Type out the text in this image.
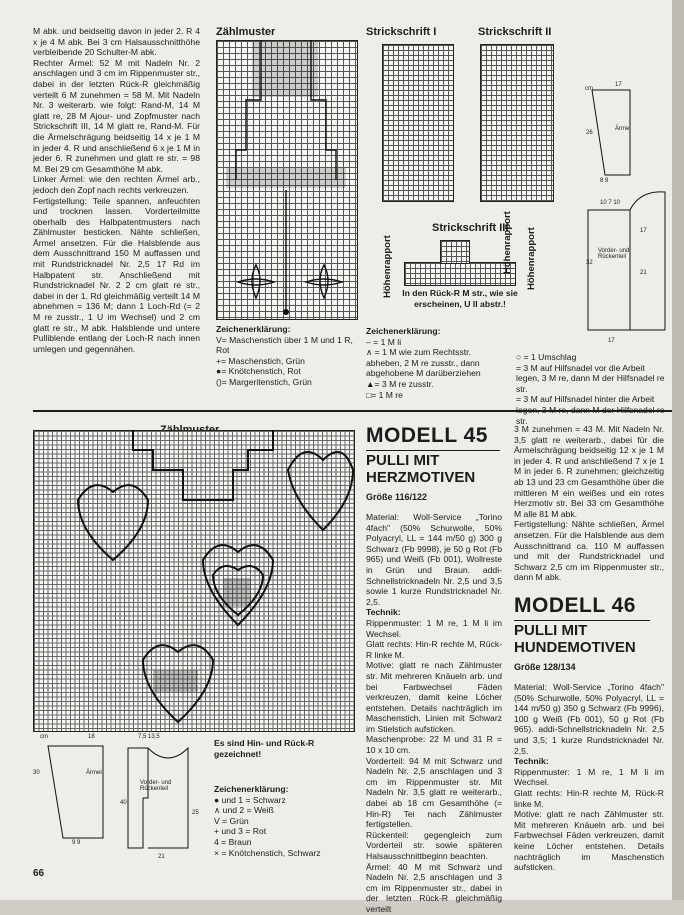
M abk. und beidseitig davon in jeder 2. R 4 x je 4 M abk. Bei 3 cm Halsausschnitthöhe verbleibende 20 Schulter-M abk.

Rechter Ärmel: 52 M mit Nadeln Nr. 2 anschlagen und 3 cm im Rippenmuster str., dabei in der letzten Rück-R gleichmäßig verteilt 6 M zunehmen = 58 M. Mit Nadeln Nr. 3 weiterarb. wie folgt: Rand-M, 14 M glatt re, 28 M Ajour- und Zopfmuster nach Strickschrift III, 14 M glatt re, Rand-M. Für die Ärmelschrägung beidseitig 14 x je 1 M in jeder 4. R und anschließend 6 x je 1 M in jeder 6. R zunehmen und glatt re str. = 98 M. Bei 29 cm Gesamthöhe M abk.

Linker Ärmel: wie den rechten Ärmel arb., jedoch den Zopf nach rechts verkreuzen.

Fertigstellung: Teile spannen, anfeuchten und trocknen lassen. Vorderteilmitte oberhalb des Halbpatentmusters nach Zählmuster besticken. Nähte schließen, Ärmel ansetzen. Für die Halsblende aus dem Ausschnittrand 150 M auffassen und mit Rundstricknadel Nr. 2,5 17 Rd im Halbpatent str. Anschließend mit Rundstricknadel Nr. 2 2 cm glatt re str., dabei in der 1. Rd gleichmäßig verteilt 14 M abnehmen = 136 M; dann 1 Loch-Rd (= 2 M re zusstr., 1 U im Wechsel) und 2 cm glatt re str., M abk. Halsblende und untere Pulliblende entlang der Loch-R nach innen umlegen und gegennähen.

Zählmuster
Zeichenerklärung:
V= Maschenstich über 1 M und 1 R, Rot
+= Maschenstich, Grün
●= Knötchenstich, Rot
()= Margeritenstich, Grün
Strickschrift I	Strickschrift II
Strickschrift III
Höhenrapport	Höhenrapport Höhenrapport
In den Rück-R M str., wie sie erscheinen, U ll abstr.!
Zeichenerklärung:
– = 1 M li
∧ = 1 M wie zum Rechtsstr. abheben, 2 M re zusstr., dann abgehobene M darüberziehen
▲= 3 M re zusstr.
□= 1 M re
cm
17
26
Ärmel
8 9
10 7 10
Vorder- und Rückenteil
17
32
21
17
○ = 1 Umschlag
= 3 M auf Hilfsnadel vor die Arbeit legen, 3 M re, dann M der Hilfsnadel re str.
= 3 M auf Hilfsnadel hinter die Arbeit str.
cm	18
30	Ärmel
9 9
7,5 13,5
Vorder- und Rückenteil
40
25
21
Es sind Hin- und Rück-R gezeichnet!
Zeichenerklärung:
● und 1 = Schwarz
∧ und 2 = Weiß
V = Grün
+ und 3 = Rot
4 = Braun
× = Knötchenstich, Schwarz
MODELL 45
PULLI MIT
HERZMOTIVEN
Größe 116/122

Material: Woll-Service „Torino 4fach" (50% Schurwolle, 50% Polyacryl, LL = 144 m/50 g) 300 g Schwarz (Fb 9998), je 50 g Rot (Fb 965) und Weiß (Fb 001), Wollreste in Grün und Braun. addi-Schnellstricknadeln Nr. 2,5 und 3,5 sowie 1 kurze Rundstricknadel Nr. 2,5.

Technik:

Rippenmuster: 1 M re, 1 M li im Wechsel.

Glatt rechts: Hin-R rechte M, Rück-R linke M.

Motive: glatt re nach Zählmuster str. Mit mehreren Knäueln arb. und bei Farbwechsel Fäden verkreuzen, damit keine Löcher entstehen. Details nachträglich im Maschenstich, Linien mit Schwarz im Stielstich aufsticken.

Maschenprobe: 22 M und 31 R = 10 x 10 cm.

Vorderteil: 94 M mit Schwarz und Nadeln Nr. 2,5 anschlagen und 3 cm im Rippenmuster str. Mit Nadeln Nr. 3,5 glatt re weiterarb., dabei ab 18 cm Gesamthöhe (= Hin-R) Tei nach Zählmuster fertigstellen.

Rückenteil: gegengleich zum Vorderteil str. sowie späteren Halsausschnittbeginn beachten.

Ärmel: 40 M mit Schwarz und Nadeln Nr. 2,5 anschlagen und 3 cm im Rippenmuster str., dabei in der letzten Rück-R gleichmäßig verteilt

3 M zunehmen = 43 M. Mit Nadeln Nr. 3,5 glatt re weiterarb., dabei für die Ärmelschrägung beidseitig 12 x je 1 M in jeder 4. R und anschließend 7 x je 1 M in jeder 6. R zunehmen; gleichzeitig ab 13 und 23 cm Gesamthöhe über die mittleren M ein weißes und ein rotes Herzmotiv str. Bei 33 cm Gesamthöhe M alle 81 M abk.

Fertigstellung: Nähte schließen, Ärmel ansetzen. Für die Halsblende aus dem Ausschnittrand ca. 110 M auffassen und mit der Rundstricknadel und Schwarz 2,5 cm im Rippenmuster str., dann M abk.

MODELL 46
PULLI MIT
HUNDEMOTIVEN
Größe 128/134

Material: Woll-Service „Torino 4fach" (50% Schurwolle, 50% Polyacryl, LL = 144 m/50 g) 350 g Schwarz (Fb 9996), 100 g Weiß (Fb 001), 50 g Rot (Fb 965). addi-Schnellstricknadeln Nr. 2,5 und 3,5; 1 kurze Rundstricknadel Nr. 2,5.

Technik:

Rippenmuster: 1 M re, 1 M li im Wechsel.

Glatt rechts: Hin-R rechte M, Rück-R linke M.

Motive: glatt re nach Zählmuster str. Mit mehreren Knäueln arb. und bei Farbwechsel Fäden verkreuzen, damit keine Löcher entstehen. Details nachträglich im Maschenstich aufsticken.

66
